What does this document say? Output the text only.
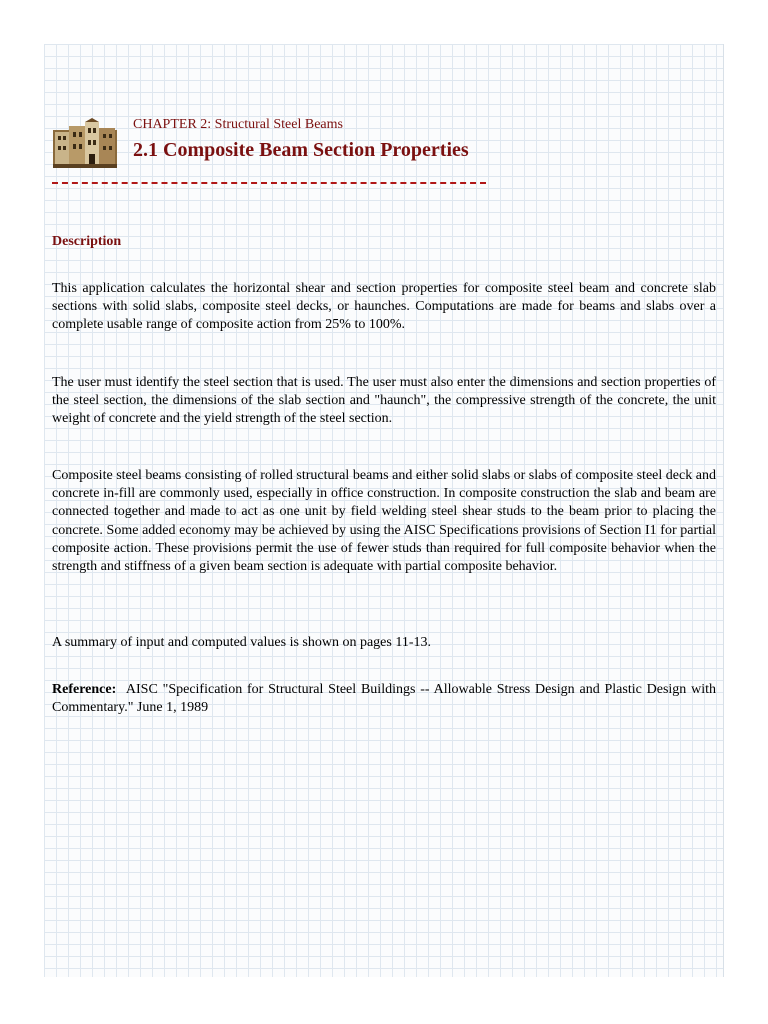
CHAPTER 2: Structural Steel Beams
2.1 Composite Beam Section Properties
Description

This application calculates the horizontal shear and section properties for composite steel beam and concrete slab sections with solid slabs, composite steel decks, or haunches. Computations are made for beams and slabs over a complete usable range of composite action from 25% to 100%.

The user must identify the steel section that is used. The user must also enter the dimensions and section properties of the steel section, the dimensions of the slab section and "haunch", the compressive strength of the concrete, the unit weight of concrete and the yield strength of the steel section.

Composite steel beams consisting of rolled structural beams and either solid slabs or slabs of composite steel deck and concrete in-fill are commonly used, especially in office construction. In composite construction the slab and beam are connected together and made to act as one unit by field welding steel shear studs to the beam prior to placing the concrete. Some added economy may be achieved by using the AISC Specifications provisions of Section I1 for partial composite action. These provisions permit the use of fewer studs than required for full composite behavior when the strength and stiffness of a given beam section is adequate with partial composite behavior.

A summary of input and computed values is shown on pages 11-13.

Reference: AISC "Specification for Structural Steel Buildings -- Allowable Stress Design and Plastic Design with Commentary." June 1, 1989
